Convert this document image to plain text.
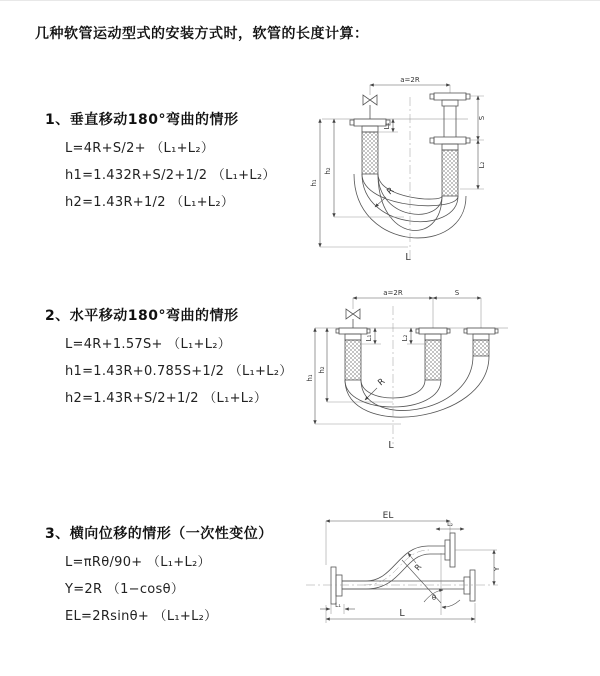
几种软管运动型式的安装方式时，软管的长度计算：
1、垂直移动180°弯曲的情形
L=4R+S/2+ （L₁+L₂）
h1=1.432R+S/2+1/2 （L₁+L₂）
h2=1.43R+1/2 （L₁+L₂）
a=2R
h₁
h₂
L₁
S
L₂
R
L
2、水平移动180°弯曲的情形
L=4R+1.57S+ （L₁+L₂）
h1=1.43R+0.785S+1/2 （L₁+L₂）
h2=1.43R+S/2+1/2 （L₁+L₂）
a=2R	S
L₁	L₂
h₁
h₂
R
L
3、横向位移的情形（一次性变位）
L=πRθ/90+ （L₁+L₂）
Y=2R （1−cosθ）
EL=2Rsinθ+ （L₁+L₂）
EL
L₂
Y
R
θ
L
L₁
